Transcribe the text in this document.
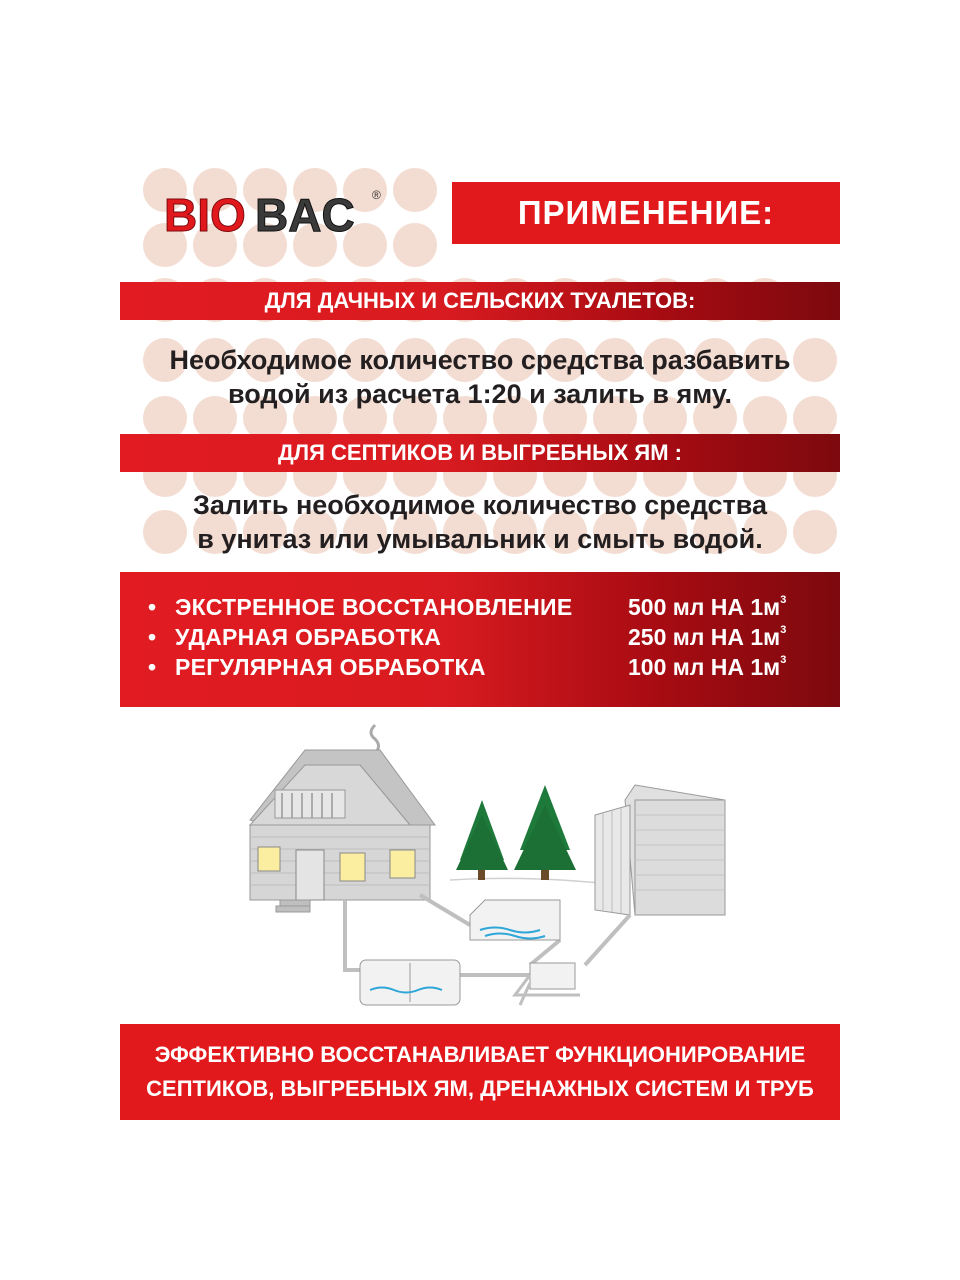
BIO BAC ®	ПРИМЕНЕНИЕ:
ДЛЯ ДАЧНЫХ И СЕЛЬСКИХ ТУАЛЕТОВ:
Необходимое количество средства разбавить
водой из расчета 1:20 и залить в яму.
ДЛЯ СЕПТИКОВ И ВЫГРЕБНЫХ ЯМ :
Залить необходимое количество средства
в унитаз или умывальник и смыть водой.
• ЭКСТРЕННОЕ ВОССТАНОВЛЕНИЕ 500 мл НА $1м^3$
• УДАРНАЯ ОБРАБОТКА	250 мл НА $1м^3$
• РЕГУЛЯРНАЯ ОБРАБОТКА	100 мл НА $1м^3$
ЭФФЕКТИВНО ВОССТАНАВЛИВАЕТ ФУНКЦИОНИРОВАНИЕ
СЕПТИКОВ, ВЫГРЕБНЫХ ЯМ, ДРЕНАЖНЫХ СИСТЕМ И ТРУБ
